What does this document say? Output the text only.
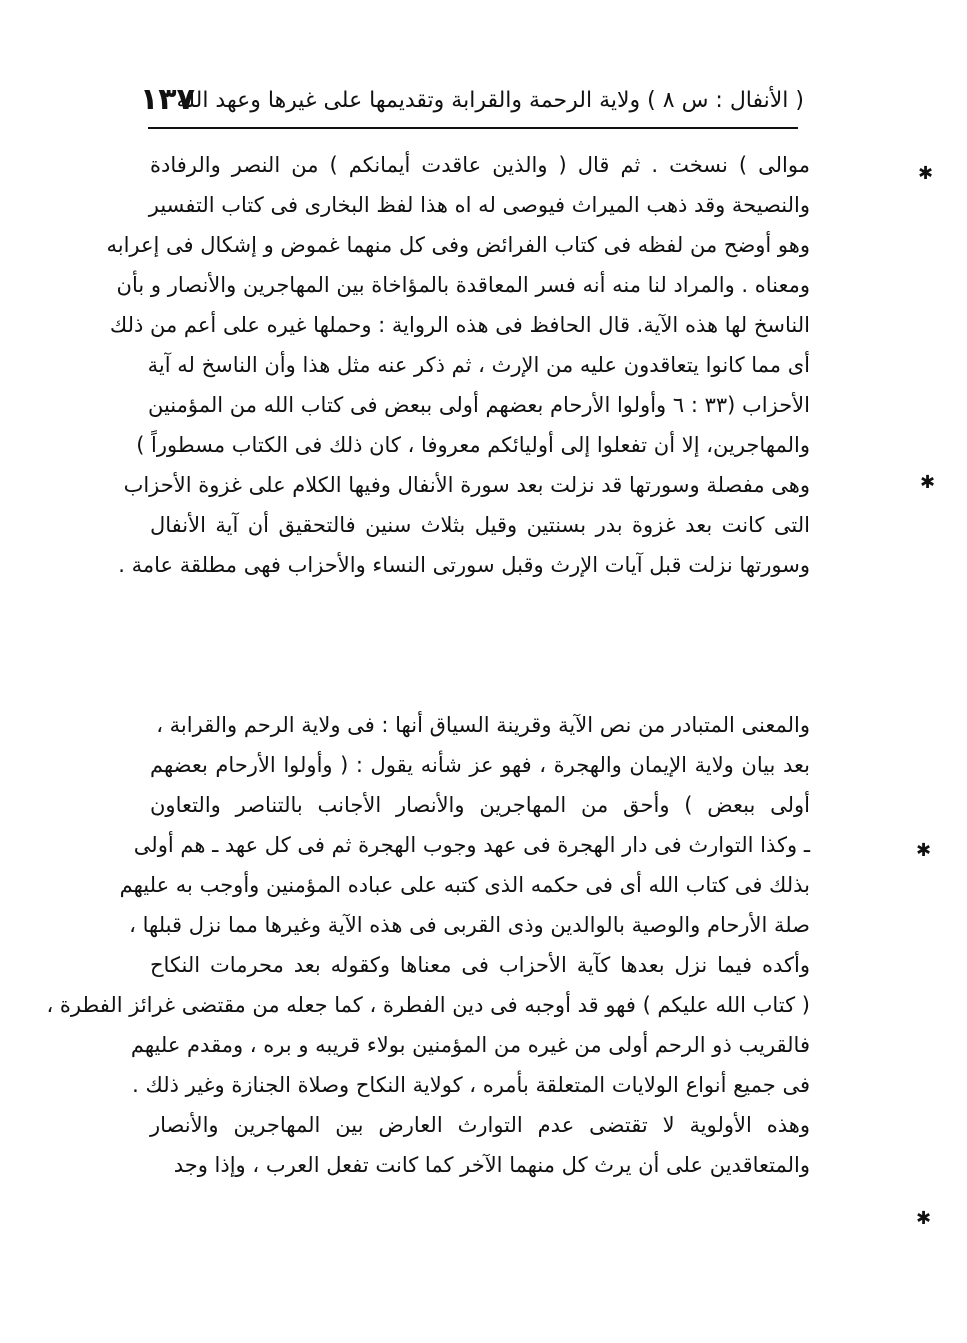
( الأنفال : س ٨ ) ولاية الرحمة والقرابة وتقديمها على غيرها وعهد الله
١٣٧
موالى ) نسخت . ثم قال ( والذين عاقدت أيمانكم ) من النصر والرفادة
والنصيحة وقد ذهب الميراث فيوصى له اه هذا لفظ البخارى فى كتاب التفسير
وهو أوضح من لفظه فى كتاب الفرائض وفى كل منهما غموض و إشكال فى إعرابه
ومعناه . والمراد لنا منه أنه فسر المعاقدة بالمؤاخاة بين المهاجرين والأنصار و بأن
الناسخ لها هذه الآية. قال الحافظ فى هذه الرواية : وحملها غيره على أعم من ذلك
أى مما كانوا يتعاقدون عليه من الإرث ، ثم ذكر عنه مثل هذا وأن الناسخ له آية
الأحزاب (٣٣ : ٦ وأولوا الأرحام بعضهم أولى ببعض فى كتاب الله من المؤمنين
والمهاجرين، إلا أن تفعلوا إلى أوليائكم معروفا ، كان ذلك فى الكتاب مسطوراً )
وهى مفصلة وسورتها قد نزلت بعد سورة الأنفال وفيها الكلام على غزوة الأحزاب
التى كانت بعد غزوة بدر بسنتين وقيل بثلاث سنين فالتحقيق أن آية الأنفال
وسورتها نزلت قبل آيات الإرث وقبل سورتى النساء والأحزاب فهى مطلقة عامة .
والمعنى المتبادر من نص الآية وقرينة السياق أنها : فى ولاية الرحم والقرابة ،
بعد بيان ولاية الإيمان والهجرة ، فهو عز شأنه يقول : ( وأولوا الأرحام بعضهم
أولى ببعض ) وأحق من المهاجرين والأنصار الأجانب بالتناصر والتعاون
ـ وكذا التوارث فى دار الهجرة فى عهد وجوب الهجرة ثم فى كل عهد ـ هم أولى
بذلك فى كتاب الله أى فى حكمه الذى كتبه على عباده المؤمنين وأوجب به عليهم
صلة الأرحام والوصية بالوالدين وذى القربى فى هذه الآية وغيرها مما نزل قبلها ،
وأكده فيما نزل بعدها كآية الأحزاب فى معناها وكقوله بعد محرمات النكاح
( كتاب الله عليكم ) فهو قد أوجبه فى دين الفطرة ، كما جعله من مقتضى غرائز الفطرة ،
فالقريب ذو الرحم أولى من غيره من المؤمنين بولاء قريبه و بره ، ومقدم عليهم
فى جميع أنواع الولايات المتعلقة بأمره ، كولاية النكاح وصلاة الجنازة وغير ذلك .
وهذه الأولوية لا تقتضى عدم التوارث العارض بين المهاجرين والأنصار
والمتعاقدين على أن يرث كل منهما الآخر كما كانت تفعل العرب ، وإذا وجد
✱
✱
✱
✱
